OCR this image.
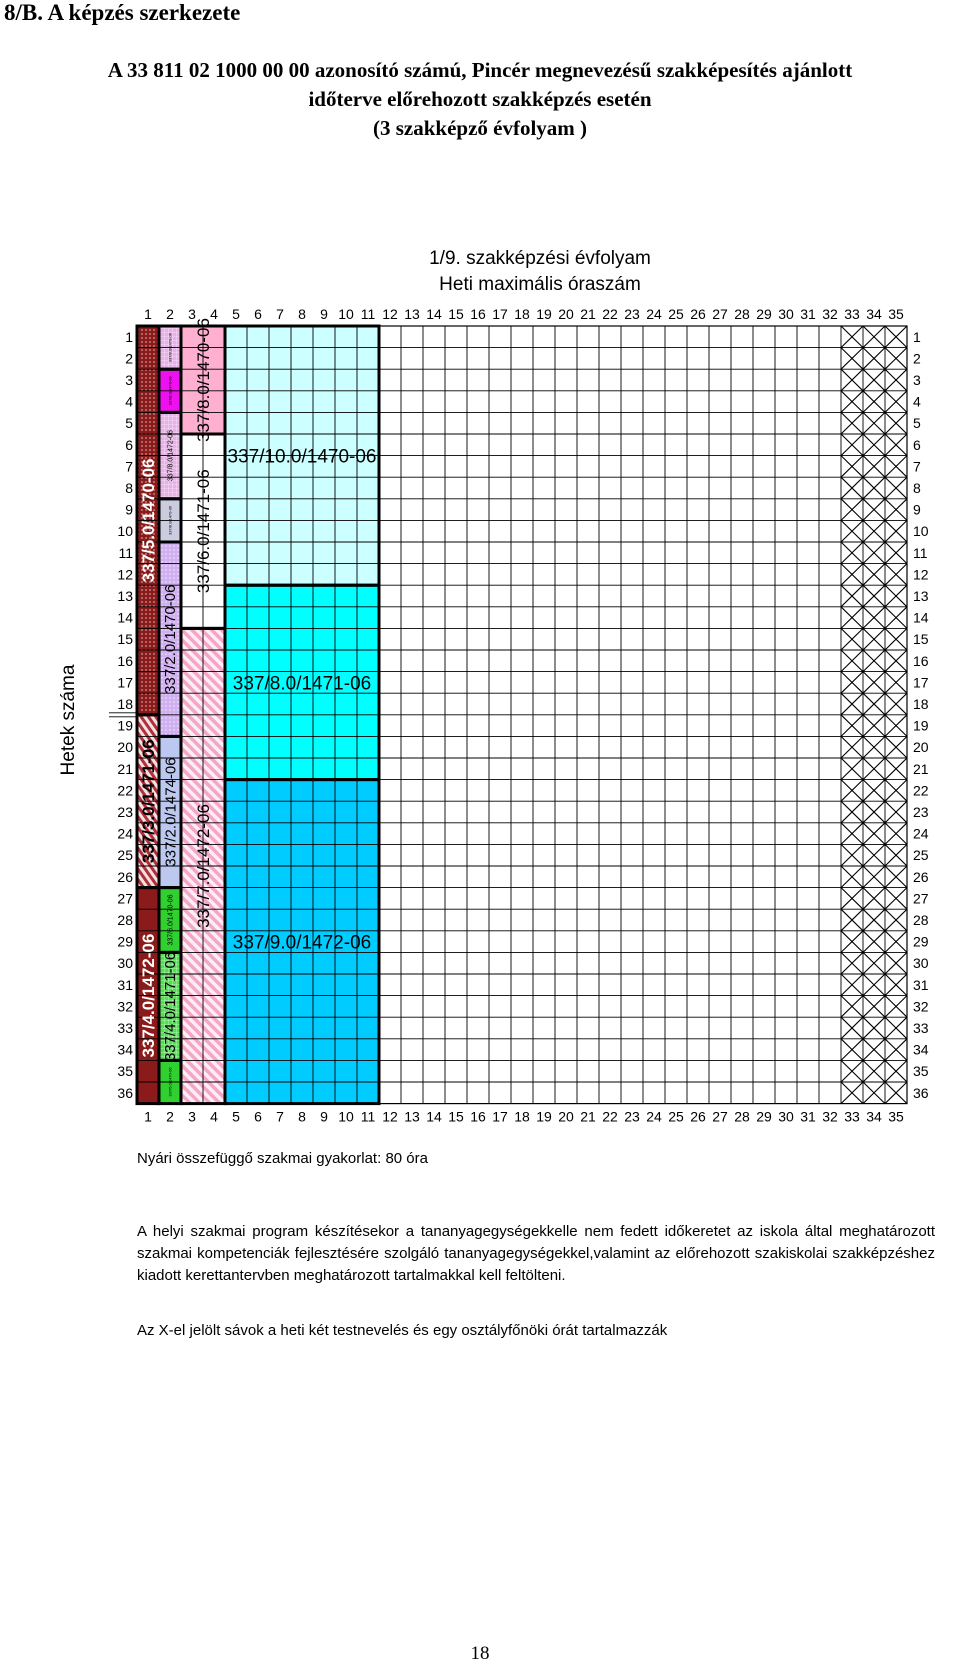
8/B. A képzés szerkezete
A 33 811 02 1000 00 00 azonosító számú, Pincér megnevezésű szakképesítés ajánlott
időterve előrehozott szakképzés esetén
(3 szakképző évfolyam )
337/5.0/1470-06
337/3.0/1471-06
337/4.0/1472-06
337/8.0/1470-06
337/8.0/1470-06
337/8.0/1472-06
337/8.0/1470-06
337/2.0/1470-06
337/2.0/1474-06
337/6.0/1470-06
337/4.0/1471-06
337/5.0/1470-06
337/8.0/1470-06
337/6.0/1471-06
337/7.0/1472-06
337/10.0/1470-06
337/8.0/1471-06
337/9.0/1472-06
1
1
2
2
3
3
4
4
5
5
6
6
7
7
8
8
9
9
10
10
11
11
12
12
13
13
14
14
15
15
16
16
17
17
18
18
19
19
20
20
21
21
22
22
23
23
24
24
25
25
26
26
27
27
28
28
29
29
30
30
31
31
32
32
33
33
34
34
35
35
1	1
2	2
3	3
4	4
5	5
6	6
7	7
8	8
9	9
10	10
11	11
12	12
13	13
14	14
15	15
16	16
17	17
18	18
19	19
20	20
21	21
22	22
23	23
24	24
25	25
26	26
27	27
28	28
29	29
30	30
31	31
32	32
33	33
34	34
35	35
36	36
1/9. szakképzési évfolyam
Heti maximális óraszám
Hetek száma
Nyári összefüggő szakmai gyakorlat: 80 óra
A helyi szakmai program készítésekor a tananyagegységekkelle nem fedett időkeretet az iskola által meghatározott szakmai kompetenciák fejlesztésére szolgáló tananyagegységekkel,valamint az előrehozott szakiskolai szakképzéshez kiadott kerettantervben meghatározott tartalmakkal kell feltölteni.
Az X-el jelölt sávok a heti két testnevelés és egy osztályfőnöki órát tartalmazzák
18
